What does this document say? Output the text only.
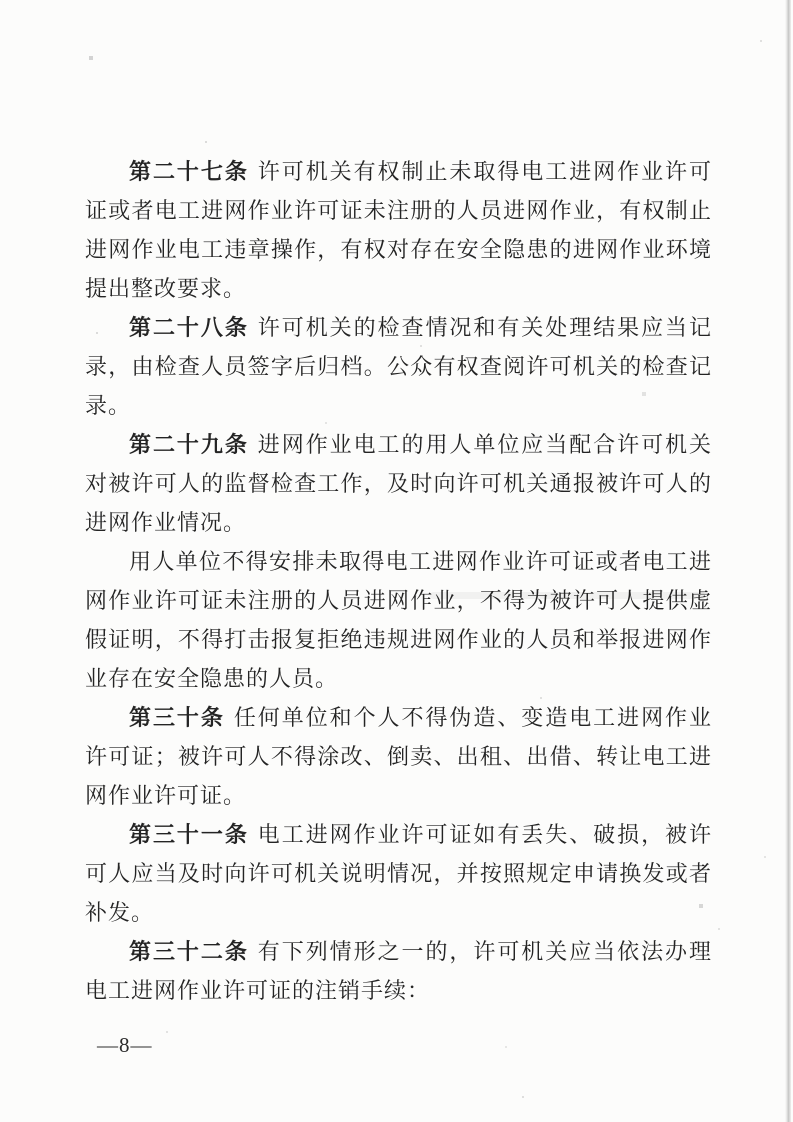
第二十七条 许可机关有权制止未取得电工进网作业许可证或者电工进网作业许可证未注册的人员进网作业，有权制止进网作业电工违章操作，有权对存在安全隐患的进网作业环境提出整改要求。

第二十八条 许可机关的检查情况和有关处理结果应当记录，由检查人员签字后归档。公众有权查阅许可机关的检查记录。

第二十九条 进网作业电工的用人单位应当配合许可机关对被许可人的监督检查工作，及时向许可机关通报被许可人的进网作业情况。

用人单位不得安排未取得电工进网作业许可证或者电工进网作业许可证未注册的人员进网作业，不得为被许可人提供虚假证明，不得打击报复拒绝违规进网作业的人员和举报进网作业存在安全隐患的人员。

第三十条 任何单位和个人不得伪造、变造电工进网作业许可证；被许可人不得涂改、倒卖、出租、出借、转让电工进网作业许可证。

第三十一条 电工进网作业许可证如有丢失、破损，被许可人应当及时向许可机关说明情况，并按照规定申请换发或者补发。

第三十二条 有下列情形之一的，许可机关应当依法办理电工进网作业许可证的注销手续：

—8—
